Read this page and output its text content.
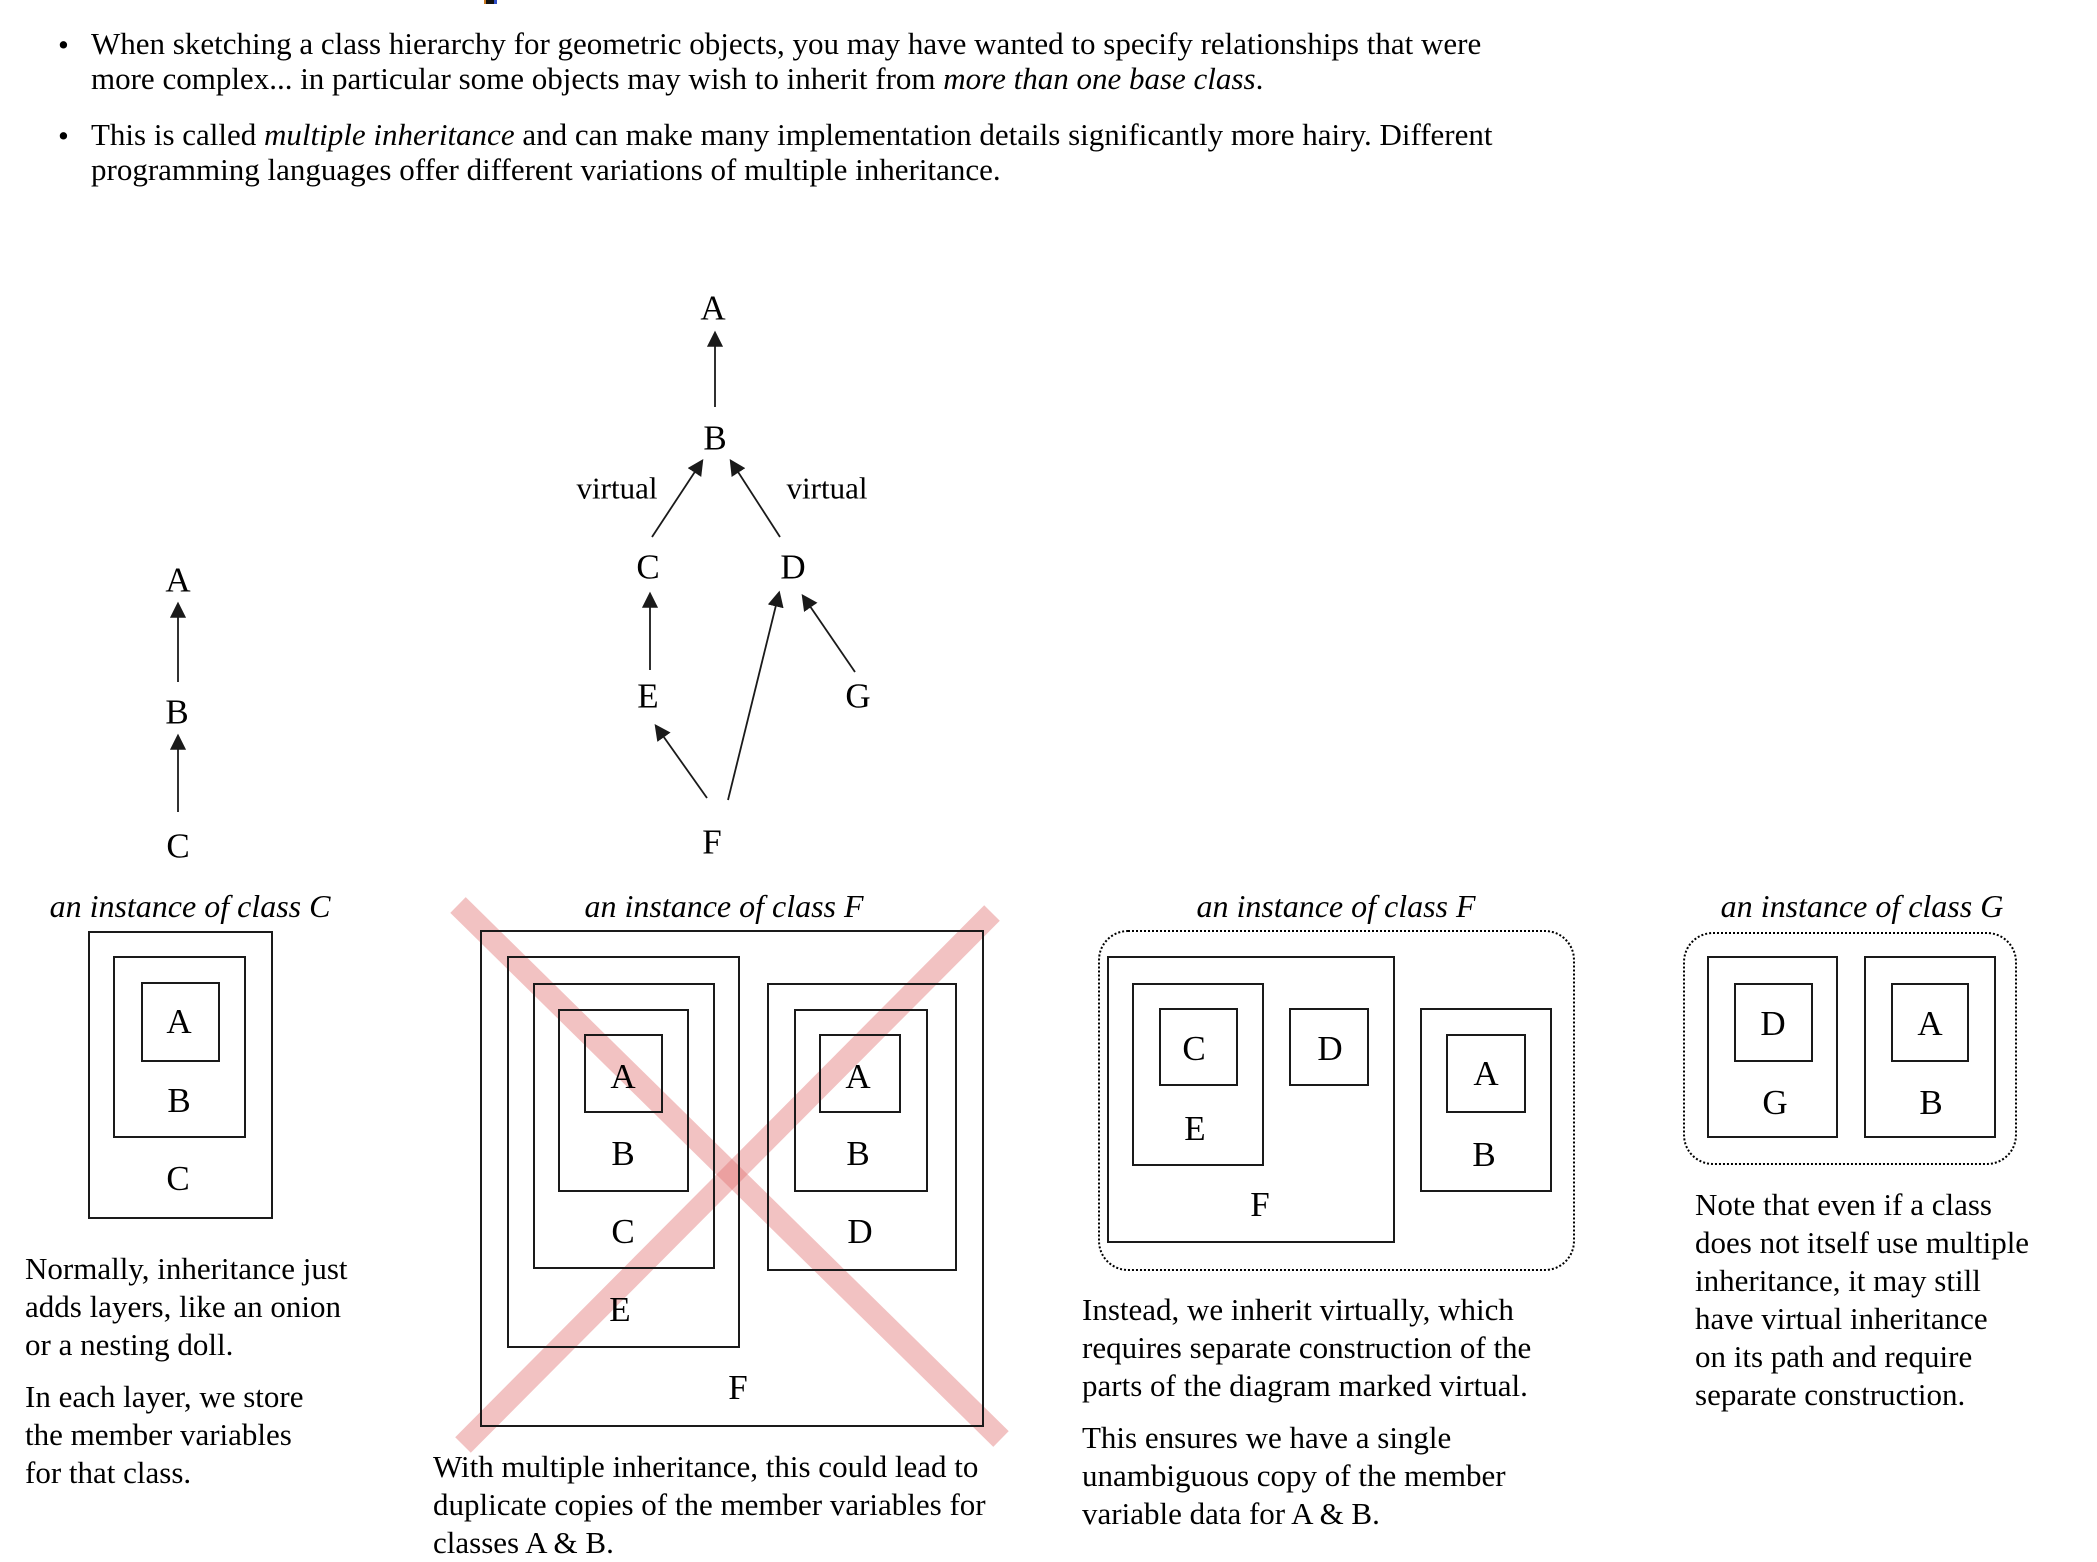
• When sketching a class hierarchy for geometric objects, you may have wanted to specify relationships that were
more complex... in particular some objects may wish to inherit from more than one base class.
• This is called multiple inheritance and can make many implementation details significantly more hairy. Different
programming languages offer different variations of multiple inheritance.
A
B
C
A
B
C	D
E	G
F
virtual	virtual
A
B
C
A
B
C
E
F
A
B
D
C	D
E
F
A
B
D
G
A
B
an instance of class C	an instance of class F	an instance of class F	an instance of class G
Normally, inheritance just
adds layers, like an onion
or a nesting doll.
In each layer, we store
the member variables
for that class.	With multiple inheritance, this could lead to
duplicate copies of the member variables for
classes A & B.
Instead, we inherit virtually, which
requires separate construction of the
parts of the diagram marked virtual.
This ensures we have a single
unambiguous copy of the member
variable data for A & B.
Note that even if a class
does not itself use multiple
inheritance, it may still
have virtual inheritance
on its path and require
separate construction.
